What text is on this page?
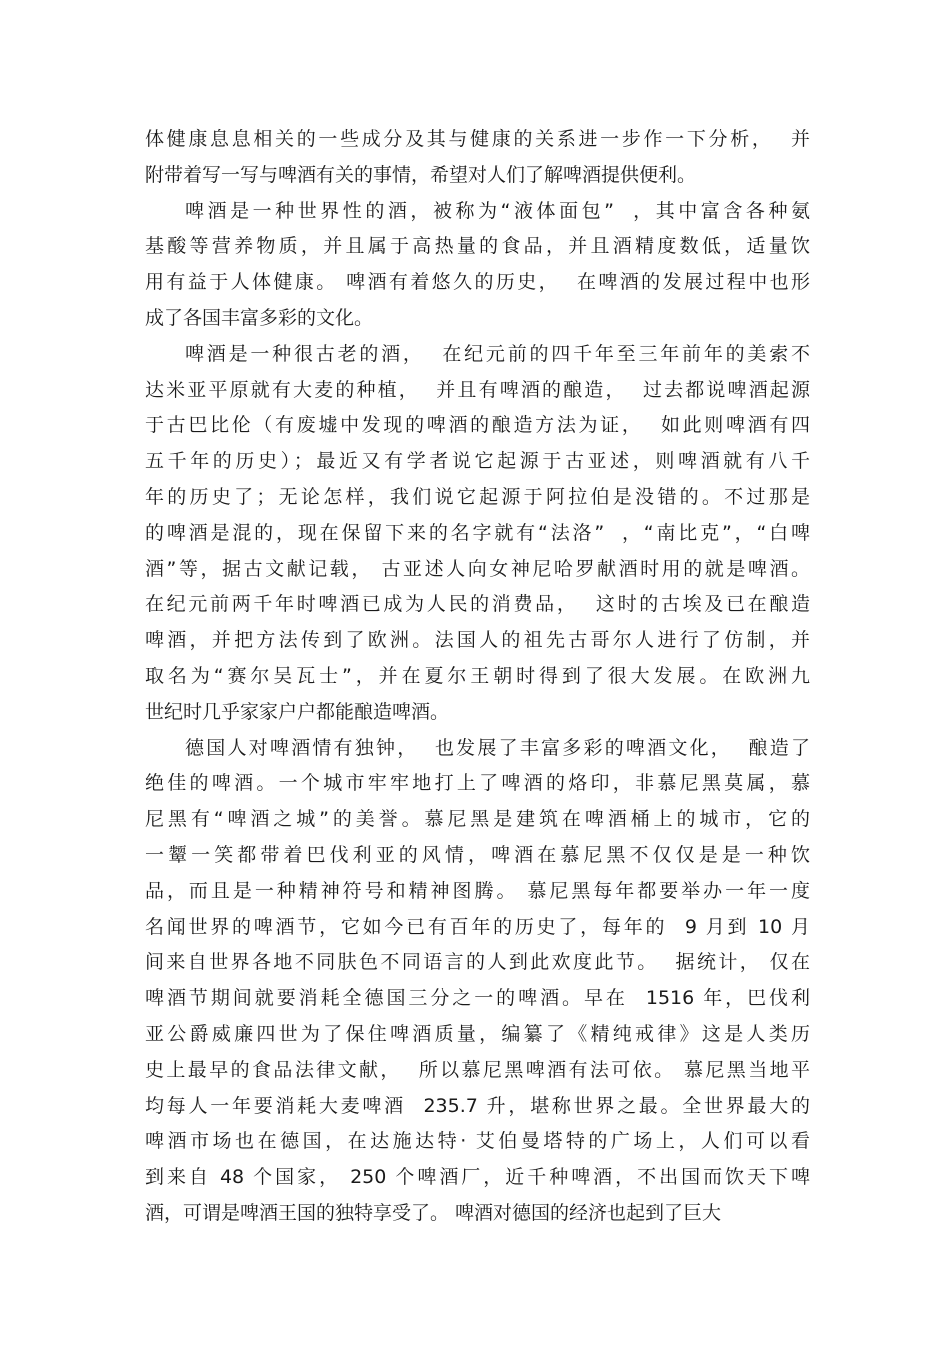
体健康息息相关的一些成分及其与健康的关系进一步作一下分析，  并
附带着写一写与啤酒有关的事情，希望对人们了解啤酒提供便利。
啤酒是一种世界性的酒，被称为“液体面包”  ，其中富含各种氨
基酸等营养物质，并且属于高热量的食品，并且酒精度数低，适量饮
用有益于人体健康。 啤酒有着悠久的历史，  在啤酒的发展过程中也形
成了各国丰富多彩的文化。
啤酒是一种很古老的酒，  在纪元前的四千年至三年前年的美索不
达米亚平原就有大麦的种植，  并且有啤酒的酿造，  过去都说啤酒起源
于古巴比伦（有废墟中发现的啤酒的酿造方法为证，  如此则啤酒有四
五千年的历史）；最近又有学者说它起源于古亚述，则啤酒就有八千
年的历史了；无论怎样，我们说它起源于阿拉伯是没错的。不过那是
的啤酒是混的，现在保留下来的名字就有“法洛”  ，“南比克”，“白啤
酒”等，据古文献记载， 古亚述人向女神尼哈罗献酒时用的就是啤酒。
在纪元前两千年时啤酒已成为人民的消费品，  这时的古埃及已在酿造
啤酒，并把方法传到了欧洲。法国人的祖先古哥尔人进行了仿制，并
取名为“赛尔吴瓦士”，并在夏尔王朝时得到了很大发展。在欧洲九
世纪时几乎家家户户都能酿造啤酒。
德国人对啤酒情有独钟，  也发展了丰富多彩的啤酒文化，  酿造了
绝佳的啤酒。一个城市牢牢地打上了啤酒的烙印，非慕尼黑莫属，慕
尼黑有“啤酒之城”的美誉。慕尼黑是建筑在啤酒桶上的城市，它的
一颦一笑都带着巴伐利亚的风情，啤酒在慕尼黑不仅仅是是一种饮
品，而且是一种精神符号和精神图腾。 慕尼黑每年都要举办一年一度
名闻世界的啤酒节，它如今已有百年的历史了，每年的  9 月到 10 月
间来自世界各地不同肤色不同语言的人到此欢度此节。  据统计， 仅在
啤酒节期间就要消耗全德国三分之一的啤酒。早在  1516 年，巴伐利
亚公爵威廉四世为了保住啤酒质量，编纂了《精纯戒律》这是人类历
史上最早的食品法律文献，  所以慕尼黑啤酒有法可依。 慕尼黑当地平
均每人一年要消耗大麦啤酒  235.7 升，堪称世界之最。全世界最大的
啤酒市场也在德国，在达施达特· 艾伯曼塔特的广场上，人们可以看
到来自 48 个国家， 250 个啤酒厂，近千种啤酒，不出国而饮天下啤
酒，可谓是啤酒王国的独特享受了。 啤酒对德国的经济也起到了巨大
